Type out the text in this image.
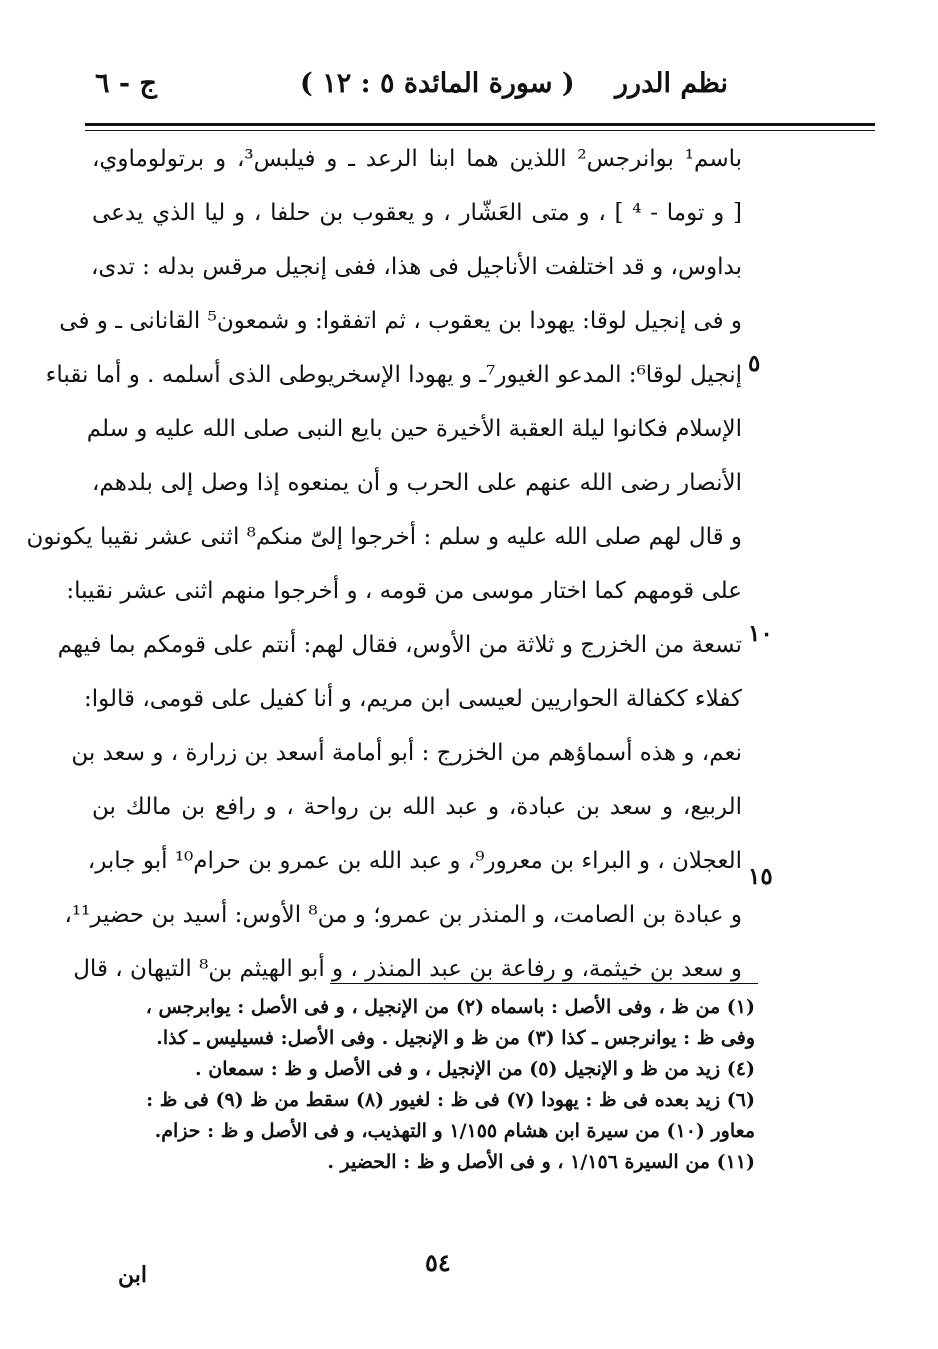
نظم الدرر
( سورة المائدة ٥ : ١٢ )
ج - ٦
باسم¹ بوانرجس² اللذين هما ابنا الرعد ـ و فيلبس³، و برتولوماوي،
[ و توما - ⁴ ] ، و متى العَشّار ، و يعقوب بن حلفا ، و ليا الذي يدعى
بداوس، و قد اختلفت الأناجيل فى هذا، ففى إنجيل مرقس بدله : تدى،
و فى إنجيل لوقا: يهودا بن يعقوب ، ثم اتفقوا: و شمعون⁵ القانانى ـ و فى
إنجيل لوقا⁶: المدعو الغيور⁷ـ و يهودا الإسخريوطى الذى أسلمه . و أما نقباء
الإسلام فكانوا ليلة العقبة الأخيرة حين بايع النبى صلى الله عليه و سلم
الأنصار رضى الله عنهم على الحرب و أن يمنعوه إذا وصل إلى بلدهم،
و قال لهم صلى الله عليه و سلم : أخرجوا إلىّ منكم⁸ اثنى عشر نقيبا يكونون
على قومهم كما اختار موسى من قومه ، و أخرجوا منهم اثنى عشر نقيبا:
تسعة من الخزرج و ثلاثة من الأوس، فقال لهم: أنتم على قومكم بما فيهم
كفلاء ككفالة الحواريين لعيسى ابن مريم، و أنا كفيل على قومى، قالوا:
نعم، و هذه أسماؤهم من الخزرج : أبو أمامة أسعد بن زرارة ، و سعد بن
الربيع، و سعد بن عبادة، و عبد الله بن رواحة ، و رافع بن مالك بن
العجلان ، و البراء بن معرور⁹، و عبد الله بن عمرو بن حرام¹⁰ أبو جابر،
و عبادة بن الصامت، و المنذر بن عمرو؛ و من⁸ الأوس: أسيد بن حضير¹¹،
و سعد بن خيثمة، و رفاعة بن عبد المنذر ، و أبو الهيثم بن⁸ التيهان ، قال
٥
١٠
١٥
(١) من ظ ، وفى الأصل : باسماه (٢) من الإنجيل ، و فى الأصل : يوابرجس ،
وفى ظ : يوانرجس ـ كذا (٣) من ظ و الإنجيل . وفى الأصل: فسيليس ـ كذا.
(٤) زيد من ظ و الإنجيل (٥) من الإنجيل ، و فى الأصل و ظ : سمعان .
(٦) زيد بعده فى ظ : يهودا (٧) فى ظ : لغيور (٨) سقط من ظ (٩) فى ظ :
معاور (١٠) من سيرة ابن هشام ١/١٥٥ و التهذيب، و فى الأصل و ظ : حزام.
(١١) من السيرة ١/١٥٦ ، و فى الأصل و ظ : الحضير .
٥٤
ابن
